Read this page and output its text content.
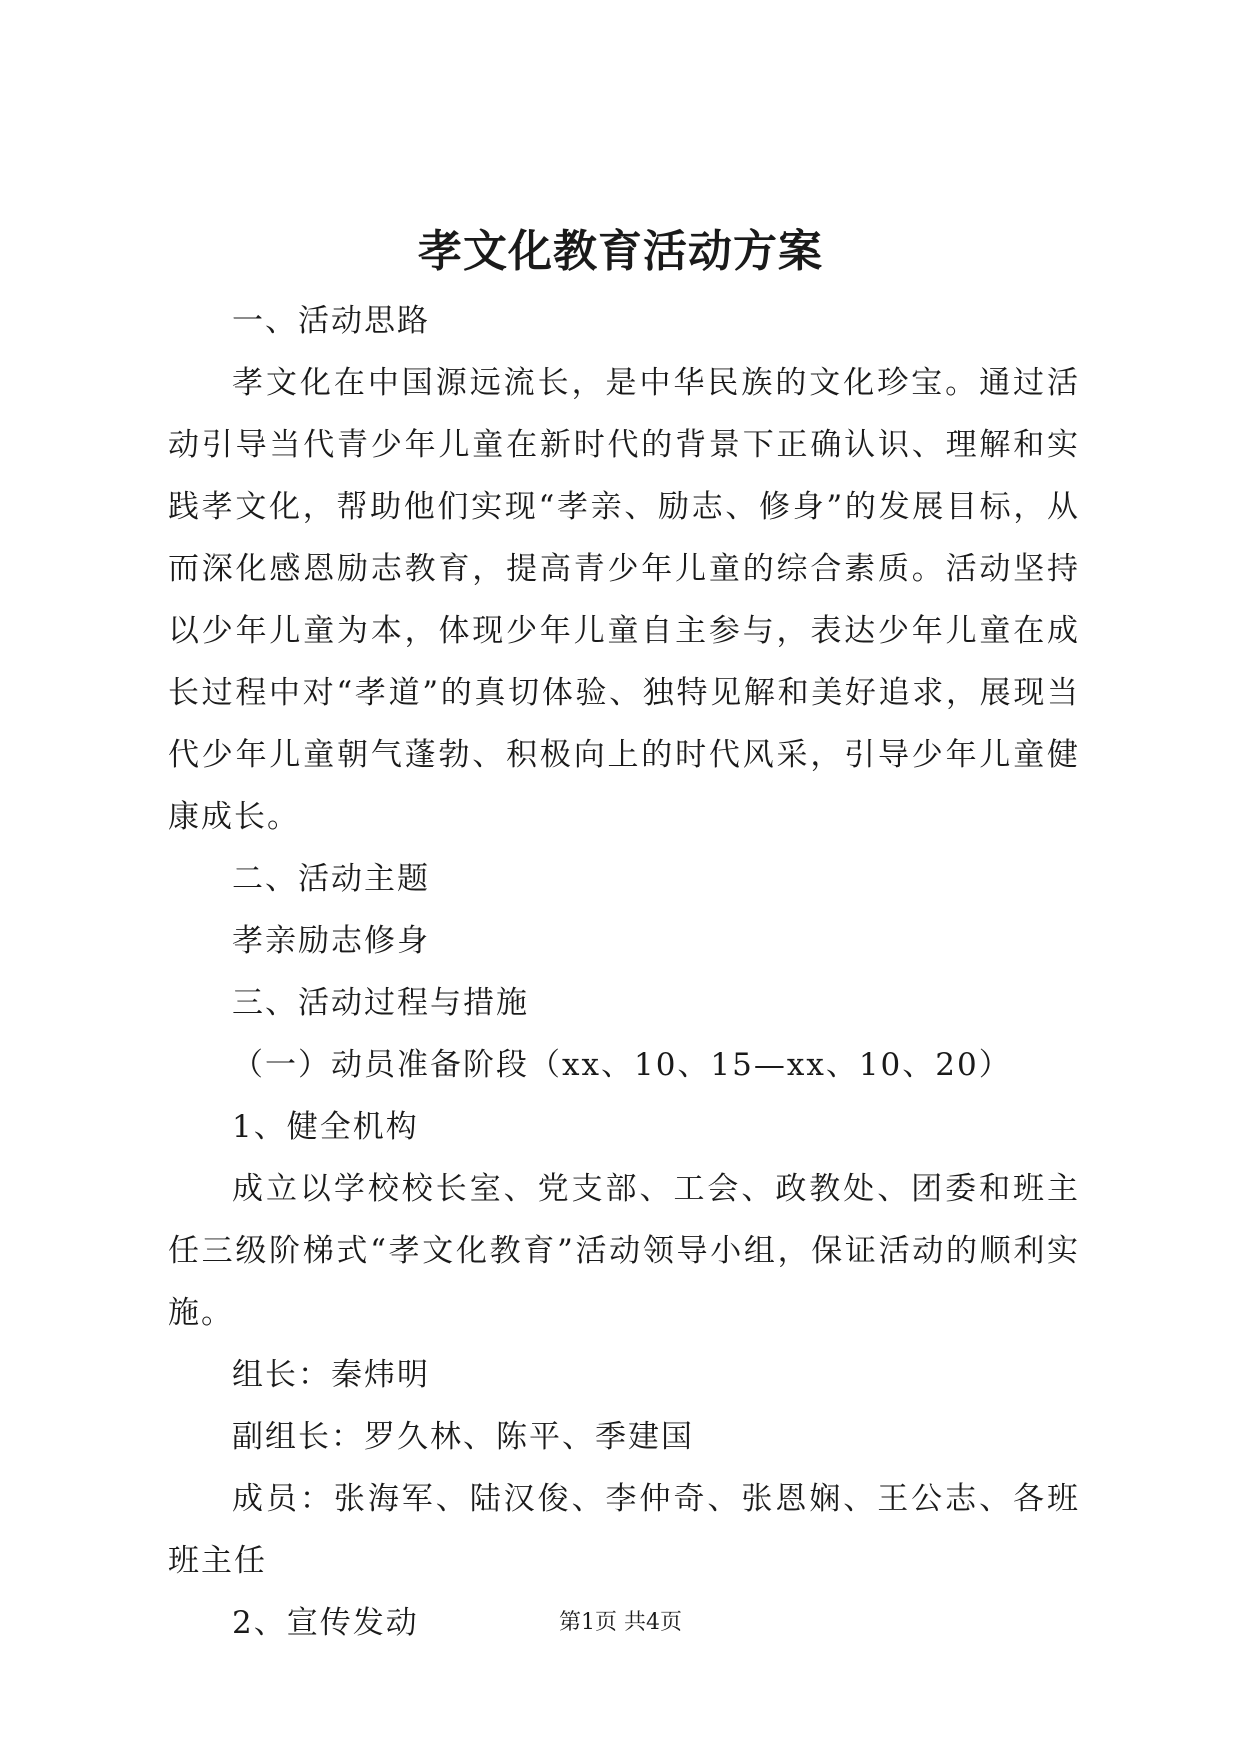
孝文化教育活动方案

一、活动思路

孝文化在中国源远流长，是中华民族的文化珍宝。通过活动引导当代青少年儿童在新时代的背景下正确认识、理解和实践孝文化，帮助他们实现“孝亲、励志、修身”的发展目标，从而深化感恩励志教育，提高青少年儿童的综合素质。活动坚持以少年儿童为本，体现少年儿童自主参与，表达少年儿童在成长过程中对“孝道”的真切体验、独特见解和美好追求，展现当代少年儿童朝气蓬勃、积极向上的时代风采，引导少年儿童健康成长。

二、活动主题

孝亲励志修身

三、活动过程与措施

（一）动员准备阶段（xx、10、15—xx、10、20）

1、健全机构

成立以学校校长室、党支部、工会、政教处、团委和班主任三级阶梯式“孝文化教育”活动领导小组，保证活动的顺利实施。

组长：秦炜明

副组长：罗久林、陈平、季建国

成员：张海军、陆汉俊、李仲奇、张恩娴、王公志、各班班主任

2、宣传发动	第1页 共4页
